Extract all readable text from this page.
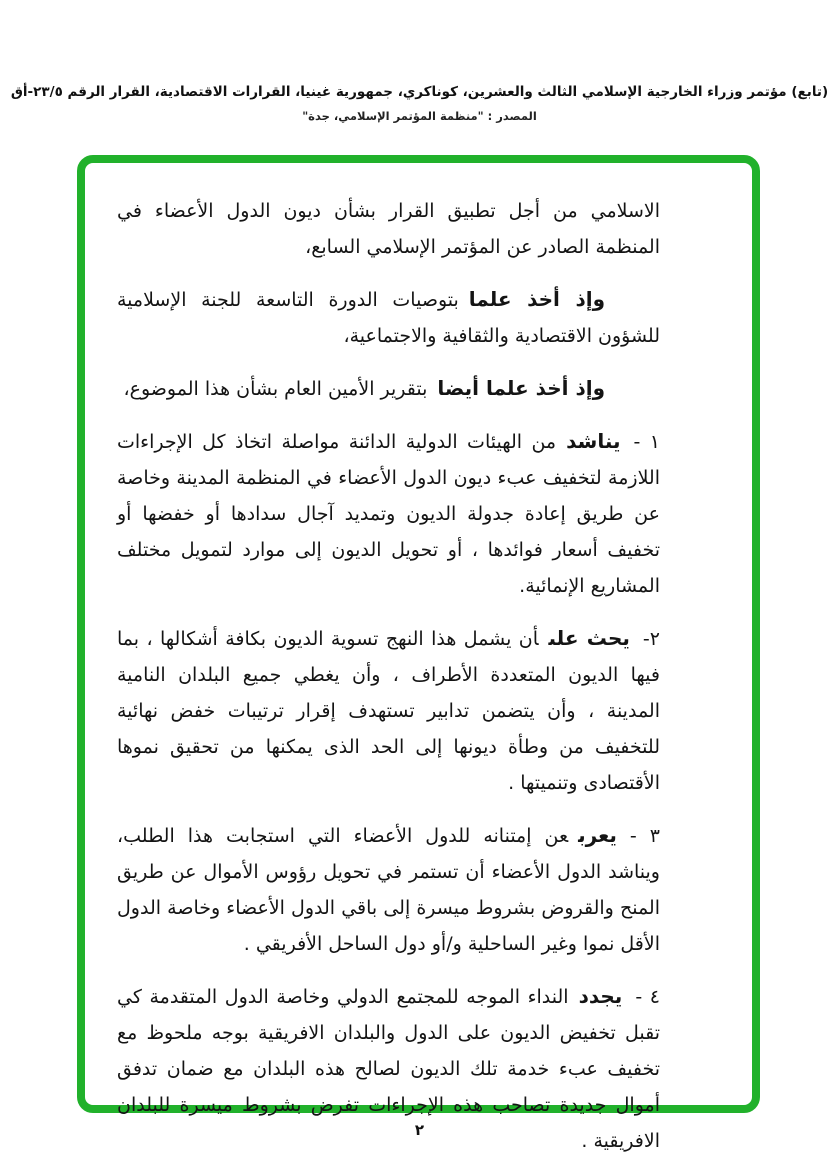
(تابع) مؤتمر وزراء الخارجية الإسلامي الثالث والعشرين، كوناكري، جمهورية غينيا، القرارات الاقتصادية، القرار الرقم ٢٣/٥-أق
المصدر : "منظمة المؤتمر الإسلامي، جدة"

الاسلامي من أجل تطبيق القرار بشأن ديون الدول الأعضاء في المنظمة الصادر عن المؤتمر الإسلامي السابع،

وإذ أخذ علمابتوصيات الدورة التاسعة للجنة الإسلامية للشؤون الاقتصادية والثقافية والاجتماعية،

وإذ أخذ علما أيضابتقرير الأمين العام بشأن هذا الموضوع،

١ -يناشدمن الهيئات الدولية الدائنة مواصلة اتخاذ كل الإجراءات اللازمة لتخفيف عبء ديون الدول الأعضاء في المنظمة المدينة وخاصة عن طريق إعادة جدولة الديون وتمديد آجال سدادها أو خفضها أو تخفيف أسعار فوائدها ، أو تحويل الديون إلى موارد لتمويل مختلف المشاريع الإنمائية.

٢-يحث علىأن يشمل هذا النهج تسوية الديون بكافة أشكالها ، بما فيها الديون المتعددة الأطراف ، وأن يغطي جميع البلدان النامية المدينة ، وأن يتضمن تدابير تستهدف إقرار ترتيبات خفض نهائية للتخفيف من وطأة ديونها إلى الحد الذى يمكنها من تحقيق نموها الأقتصادى وتنميتها .

٣ -يعربعن إمتنانه للدول الأعضاء التي استجابت هذا الطلب، ويناشد الدول الأعضاء أن تستمر في تحويل رؤوس الأموال عن طريق المنح والقروض بشروط ميسرة إلى باقي الدول الأعضاء وخاصة الدول الأقل نموا وغير الساحلية و/أو دول الساحل الأفريقي .

٤ -يجددالنداء الموجه للمجتمع الدولي وخاصة الدول المتقدمة كي تقبل تخفيض الديون على الدول والبلدان الافريقية بوجه ملحوظ مع تخفيف عبء خدمة تلك الديون لصالح هذه البلدان مع ضمان تدفق أموال جديدة تصاحب هذه الإجراءات تفرض بشروط ميسرة للبلدان الافريقية .

٢
